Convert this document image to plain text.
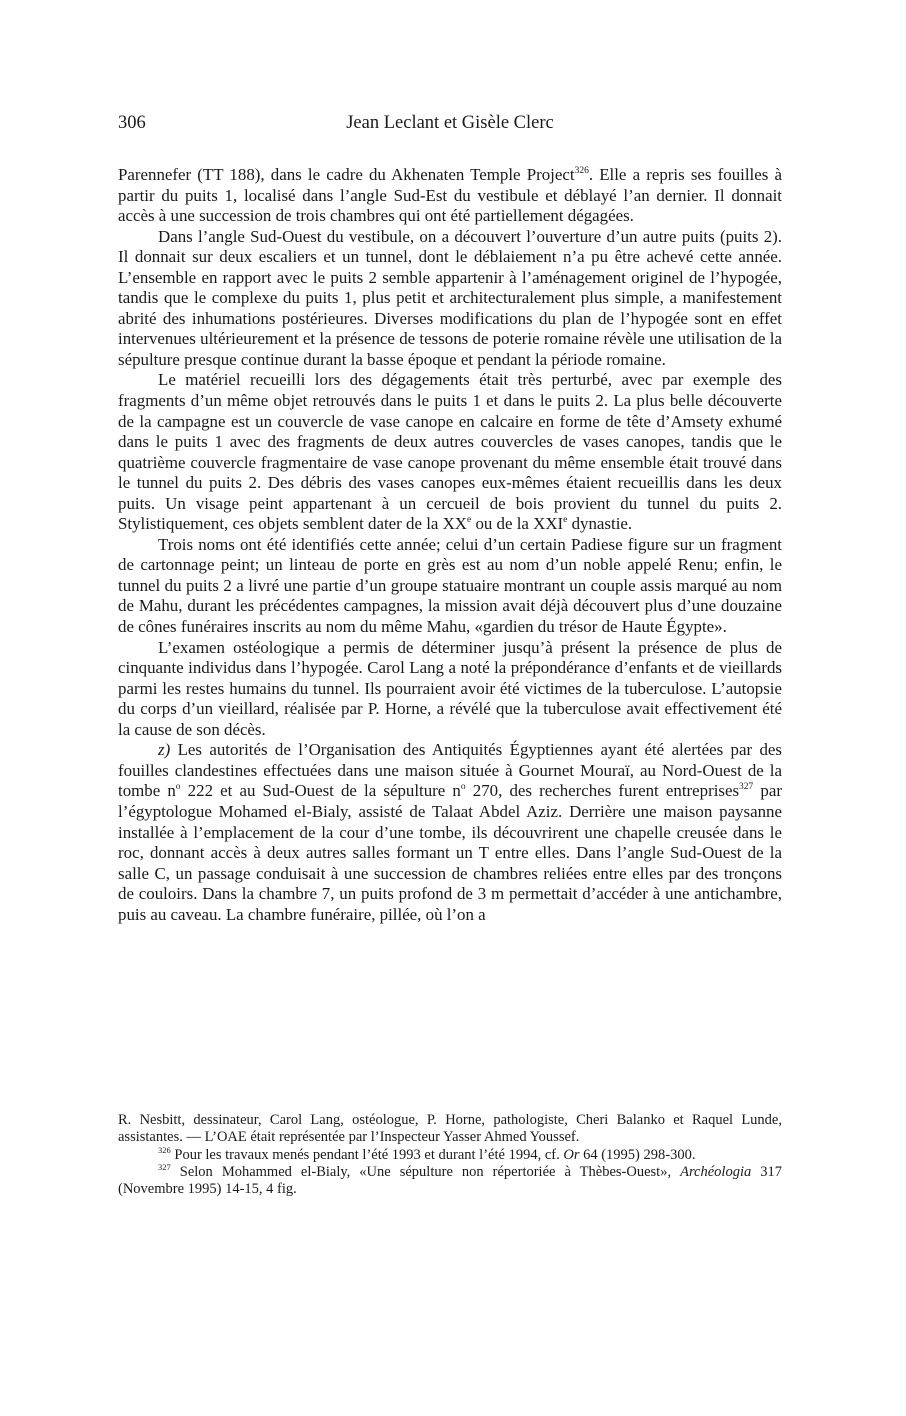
306	Jean Leclant et Gisèle Clerc

Parennefer (TT 188), dans le cadre du Akhenaten Temple Project$^{326}$. Elle a repris ses fouilles à partir du puits 1, localisé dans l’angle Sud-Est du vestibule et déblayé l’an dernier. Il donnait accès à une succession de trois chambres qui ont été partiellement dégagées.

Dans l’angle Sud-Ouest du vestibule, on a découvert l’ouverture d’un autre puits (puits 2). Il donnait sur deux escaliers et un tunnel, dont le déblaiement n’a pu être achevé cette année. L’ensemble en rapport avec le puits 2 semble appartenir à l’aménagement originel de l’hypogée, tandis que le complexe du puits 1, plus petit et architecturalement plus simple, a manifestement abrité des inhumations postérieures. Diverses modifications du plan de l’hypogée sont en effet intervenues ultérieurement et la présence de tessons de poterie romaine révèle une utilisation de la sépulture presque continue durant la basse époque et pendant la période romaine.

Le matériel recueilli lors des dégagements était très perturbé, avec par exemple des fragments d’un même objet retrouvés dans le puits 1 et dans le puits 2. La plus belle découverte de la campagne est un couvercle de vase canope en calcaire en forme de tête d’Amsety exhumé dans le puits 1 avec des fragments de deux autres couvercles de vases canopes, tandis que le quatrième couvercle fragmentaire de vase canope provenant du même ensemble était trouvé dans le tunnel du puits 2. Des débris des vases canopes eux-mêmes étaient recueillis dans les deux puits. Un visage peint appartenant à un cercueil de bois provient du tunnel du puits 2. Stylistiquement, ces objets semblent dater de la XXe ou de la XXIe dynastie.

Trois noms ont été identifiés cette année; celui d’un certain Padiese figure sur un fragment de cartonnage peint; un linteau de porte en grès est au nom d’un noble appelé Renu; enfin, le tunnel du puits 2 a livré une partie d’un groupe statuaire montrant un couple assis marqué au nom de Mahu, durant les précédentes campagnes, la mission avait déjà découvert plus d’une douzaine de cônes funéraires inscrits au nom du même Mahu, «gardien du trésor de Haute Égypte».

L’examen ostéologique a permis de déterminer jusqu’à présent la présence de plus de cinquante individus dans l’hypogée. Carol Lang a noté la prépondérance d’enfants et de vieillards parmi les restes humains du tunnel. Ils pourraient avoir été victimes de la tuberculose. L’autopsie du corps d’un vieillard, réalisée par P. Horne, a révélé que la tuberculose avait effectivement été la cause de son décès.

z) Les autorités de l’Organisation des Antiquités Égyptiennes ayant été alertées par des fouilles clandestines effectuées dans une maison située à Gournet Mouraï, au Nord-Ouest de la tombe $n^o$ 222 et au Sud-Ouest de la sépulture $n^o$ 270, des recherches furent entreprises$^{327}$ par l’égyptologue Mohamed el-Bialy, assisté de Talaat Abdel Aziz. Derrière une maison paysanne installée à l’emplacement de la cour d’une tombe, ils découvrirent une chapelle creusée dans le roc, donnant accès à deux autres salles formant un T entre elles. Dans l’angle Sud-Ouest de la salle C, un passage conduisait à une succession de chambres reliées entre elles par des tronçons de couloirs. Dans la chambre 7, un puits profond de 3 m permettait d’accéder à une antichambre, puis au caveau. La chambre funéraire, pillée, où l’on a

R. Nesbitt, dessinateur, Carol Lang, ostéologue, P. Horne, pathologiste, Cheri Balanko et Raquel Lunde, assistantes. — L’OAE était représentée par l’Inspecteur Yasser Ahmed Youssef.

$^{326}$ Pour les travaux menés pendant l’été 1993 et durant l’été 1994, cf. Or 64 (1995) 298-300.

$^{327}$ Selon Mohammed el-Bialy, «Une sépulture non répertoriée à Thèbes-Ouest», Archéologia 317 (Novembre 1995) 14-15, 4 fig.
